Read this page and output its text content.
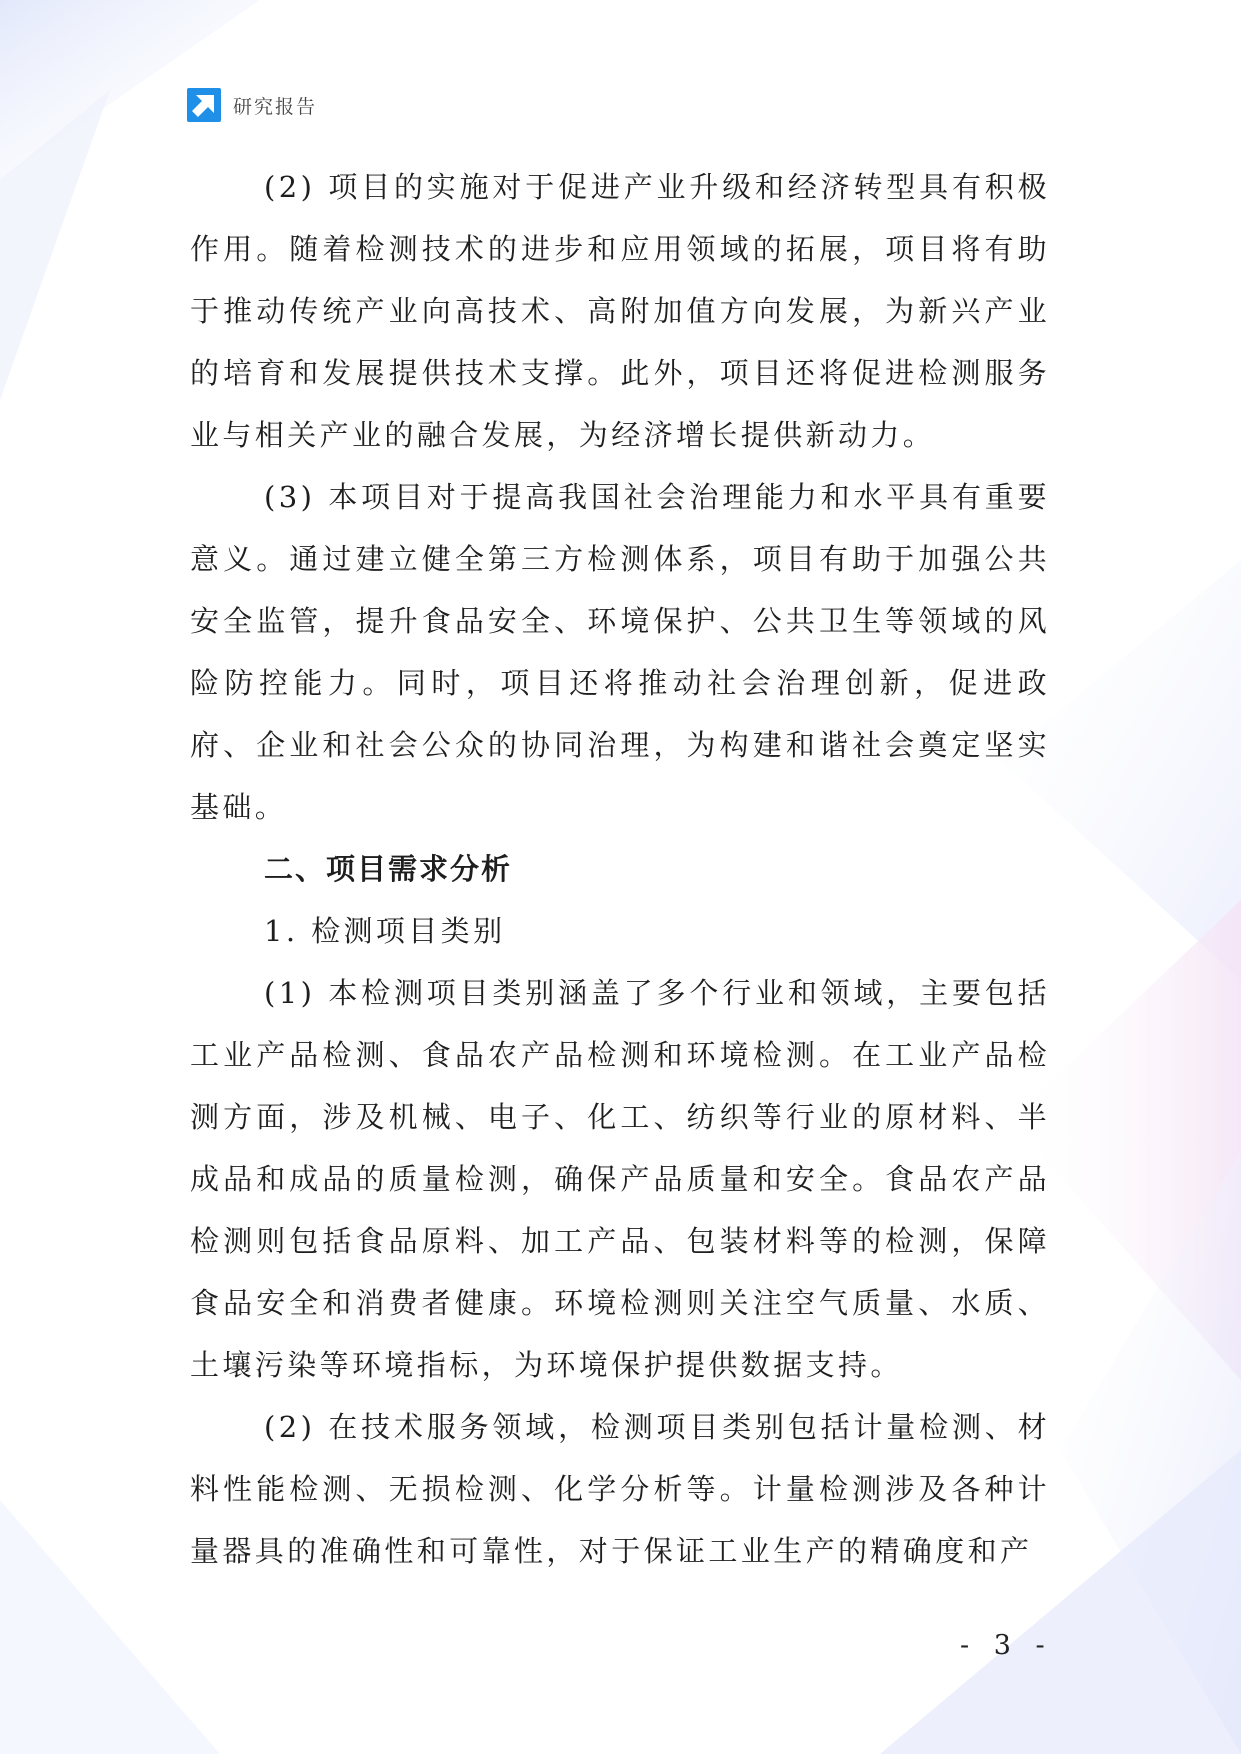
研究报告

(2) 项目的实施对于促进产业升级和经济转型具有积极作用。随着检测技术的进步和应用领域的拓展，项目将有助于推动传统产业向高技术、高附加值方向发展，为新兴产业的培育和发展提供技术支撑。此外，项目还将促进检测服务业与相关产业的融合发展，为经济增长提供新动力。

(3) 本项目对于提高我国社会治理能力和水平具有重要意义。通过建立健全第三方检测体系，项目有助于加强公共安全监管，提升食品安全、环境保护、公共卫生等领域的风险防控能力。同时，项目还将推动社会治理创新，促进政府、企业和社会公众的协同治理，为构建和谐社会奠定坚实基础。

二、项目需求分析

1. 检测项目类别

(1) 本检测项目类别涵盖了多个行业和领域，主要包括工业产品检测、食品农产品检测和环境检测。在工业产品检测方面，涉及机械、电子、化工、纺织等行业的原材料、半成品和成品的质量检测，确保产品质量和安全。食品农产品检测则包括食品原料、加工产品、包装材料等的检测，保障食品安全和消费者健康。环境检测则关注空气质量、水质、土壤污染等环境指标，为环境保护提供数据支持。

(2) 在技术服务领域，检测项目类别包括计量检测、材料性能检测、无损检测、化学分析等。计量检测涉及各种计量器具的准确性和可靠性，对于保证工业生产的精确度和产

- 3 -
